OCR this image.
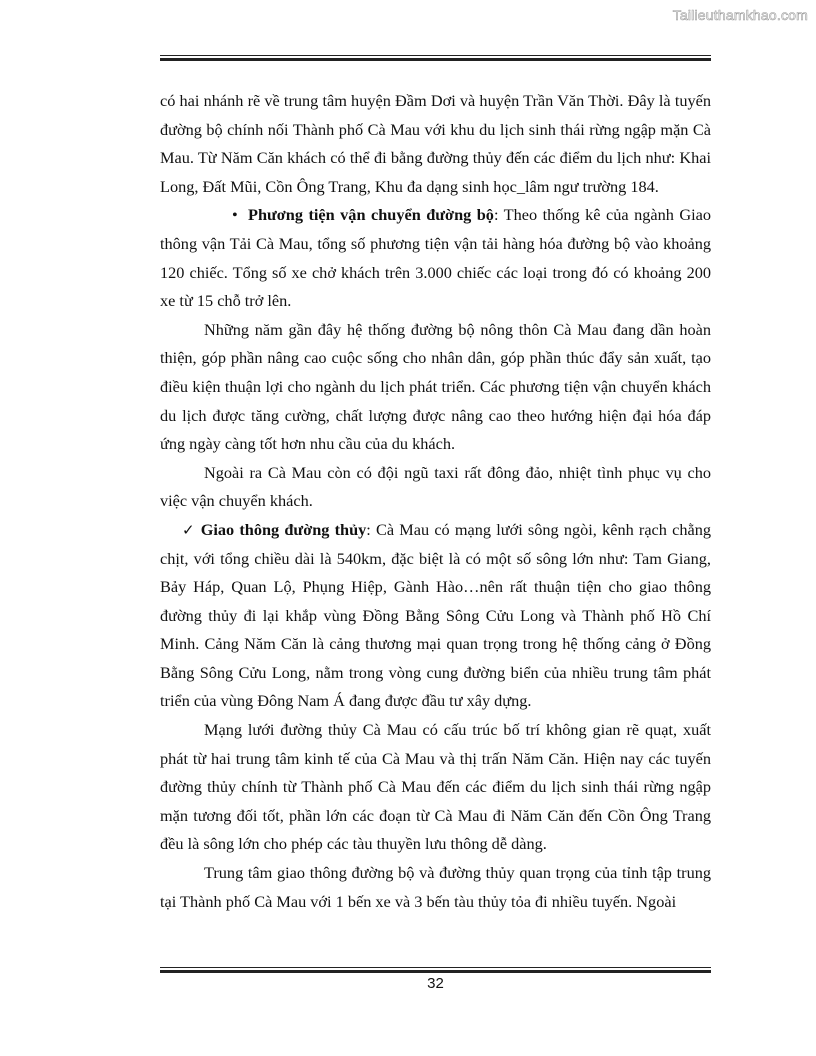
Tailieuthamkhao.com

có hai nhánh rẽ về trung tâm huyện Đầm Dơi và huyện Trần Văn Thời. Đây là tuyến đường bộ chính nối Thành phố Cà Mau với khu du lịch sinh thái rừng ngập mặn Cà Mau. Từ Năm Căn khách có thể đi bằng đường thủy đến các điểm du lịch như: Khai Long, Đất Mũi, Cồn Ông Trang, Khu đa dạng sinh học_lâm ngư trường 184.

• Phương tiện vận chuyển đường bộ: Theo thống kê của ngành Giao thông vận Tải Cà Mau, tổng số phương tiện vận tải hàng hóa đường bộ vào khoảng 120 chiếc. Tổng số xe chở khách trên 3.000 chiếc các loại trong đó có khoảng 200 xe từ 15 chỗ trở lên.

Những năm gần đây hệ thống đường bộ nông thôn Cà Mau đang dần hoàn thiện, góp phần nâng cao cuộc sống cho nhân dân, góp phần thúc đẩy sản xuất, tạo điều kiện thuận lợi cho ngành du lịch phát triển. Các phương tiện vận chuyển khách du lịch được tăng cường, chất lượng được nâng cao theo hướng hiện đại hóa đáp ứng ngày càng tốt hơn nhu cầu của du khách.

Ngoài ra Cà Mau còn có đội ngũ taxi rất đông đảo, nhiệt tình phục vụ cho việc vận chuyển khách.

✓ Giao thông đường thủy: Cà Mau có mạng lưới sông ngòi, kênh rạch chằng chịt, với tổng chiều dài là 540km, đặc biệt là có một số sông lớn như: Tam Giang, Bảy Háp, Quan Lộ, Phụng Hiệp, Gành Hào…nên rất thuận tiện cho giao thông đường thủy đi lại khắp vùng Đồng Bằng Sông Cửu Long và Thành phố Hồ Chí Minh. Cảng Năm Căn là cảng thương mại quan trọng trong hệ thống cảng ở Đồng Bằng Sông Cửu Long, nằm trong vòng cung đường biển của nhiều trung tâm phát triển của vùng Đông Nam Á đang được đầu tư xây dựng.

Mạng lưới đường thủy Cà Mau có cấu trúc bố trí không gian rẽ quạt, xuất phát từ hai trung tâm kinh tế của Cà Mau và thị trấn Năm Căn. Hiện nay các tuyến đường thủy chính từ Thành phố Cà Mau đến các điểm du lịch sinh thái rừng ngập mặn tương đối tốt, phần lớn các đoạn từ Cà Mau đi Năm Căn đến Cồn Ông Trang đều là sông lớn cho phép các tàu thuyền lưu thông dễ dàng.

Trung tâm giao thông đường bộ và đường thủy quan trọng của tỉnh tập trung tại Thành phố Cà Mau với 1 bến xe và 3 bến tàu thủy tỏa đi nhiều tuyến. Ngoài

32
